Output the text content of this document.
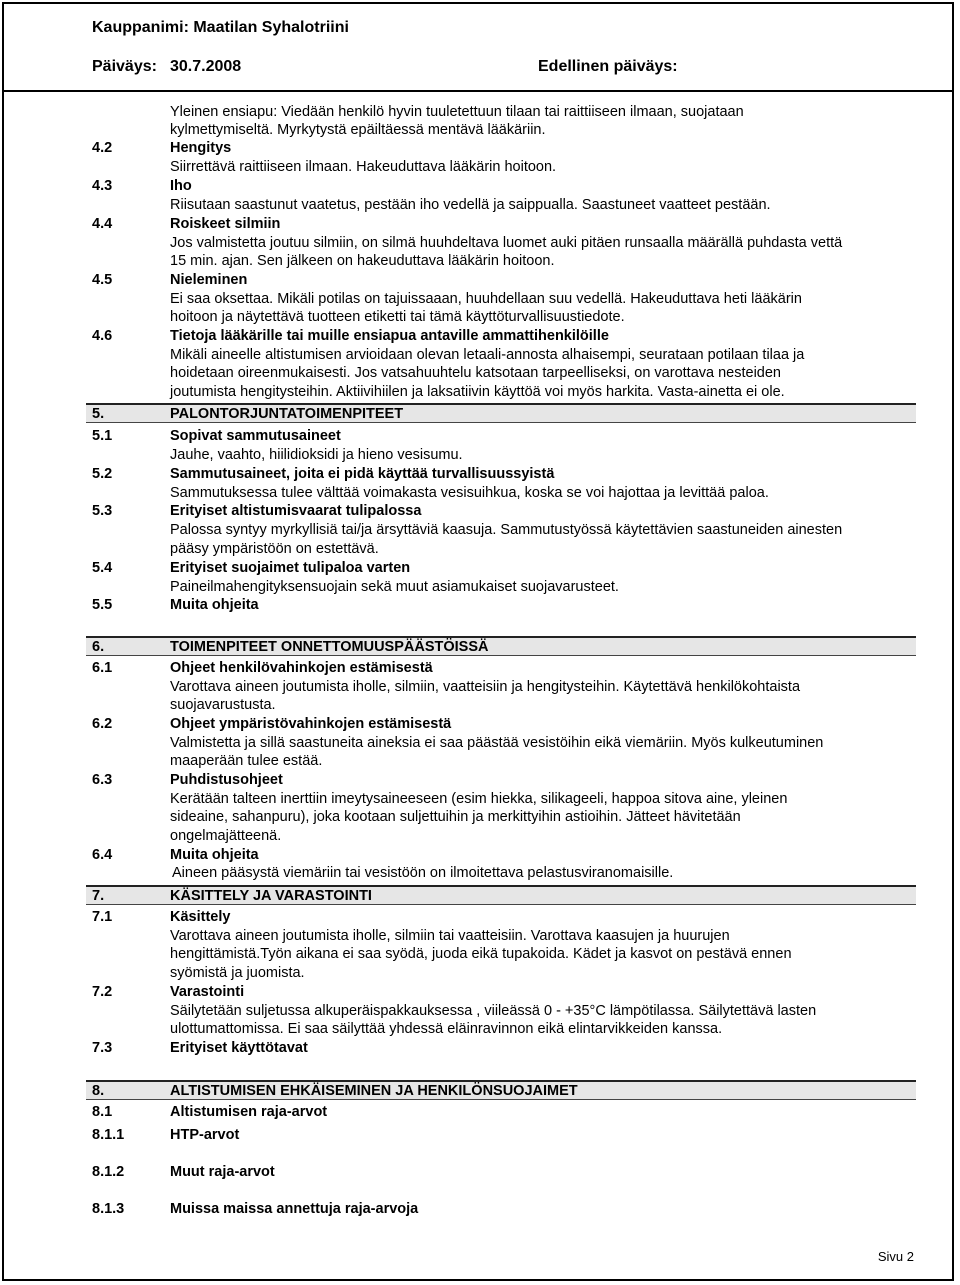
Kauppanimi: Maatilan Syhalotriini
Päiväys: 30.7.2008	Edellinen päiväys:
Yleinen ensiapu: Viedään henkilö hyvin tuuletettuun tilaan tai raittiiseen ilmaan, suojataan
kylmettymiseltä. Myrkytystä epäiltäessä mentävä lääkäriin.
4.2	Hengitys
Siirrettävä raittiiseen ilmaan. Hakeuduttava lääkärin hoitoon.
4.3	Iho
Riisutaan saastunut vaatetus, pestään iho vedellä ja saippualla. Saastuneet vaatteet pestään.
4.4	Roiskeet silmiin
Jos valmistetta joutuu silmiin, on silmä huuhdeltava luomet auki pitäen runsaalla määrällä puhdasta vettä
15 min. ajan. Sen jälkeen on hakeuduttava lääkärin hoitoon.
4.5	Nieleminen
Ei saa oksettaa. Mikäli potilas on tajuissaaan, huuhdellaan suu vedellä. Hakeuduttava heti lääkärin
hoitoon ja näytettävä tuotteen etiketti tai tämä käyttöturvallisuustiedote.
4.6	Tietoja lääkärille tai muille ensiapua antaville ammattihenkilöille
Mikäli aineelle altistumisen arvioidaan olevan letaali-annosta alhaisempi, seurataan potilaan tilaa ja
hoidetaan oireenmukaisesti. Jos vatsahuuhtelu katsotaan tarpeelliseksi, on varottava nesteiden
joutumista hengitysteihin. Aktiivihiilen ja laksatiivin käyttöä voi myös harkita. Vasta-ainetta ei ole.
5.	PALONTORJUNTATOIMENPITEET
5.1	Sopivat sammutusaineet
Jauhe, vaahto, hiilidioksidi ja hieno vesisumu.
5.2	Sammutusaineet, joita ei pidä käyttää turvallisuussyistä
Sammutuksessa tulee välttää voimakasta vesisuihkua, koska se voi hajottaa ja levittää paloa.
5.3	Erityiset altistumisvaarat tulipalossa
Palossa syntyy myrkyllisiä tai/ja ärsyttäviä kaasuja. Sammutustyössä käytettävien saastuneiden ainesten
pääsy ympäristöön on estettävä.
5.4	Erityiset suojaimet tulipaloa varten
Paineilmahengityksensuojain sekä muut asiamukaiset suojavarusteet.
5.5	Muita ohjeita
6.	TOIMENPITEET ONNETTOMUUSPÄÄSTÖISSÄ
6.1	Ohjeet henkilövahinkojen estämisestä
Varottava aineen joutumista iholle, silmiin, vaatteisiin ja hengitysteihin. Käytettävä henkilökohtaista
suojavarustusta.
6.2	Ohjeet ympäristövahinkojen estämisestä
Valmistetta ja sillä saastuneita aineksia ei saa päästää vesistöihin eikä viemäriin. Myös kulkeutuminen
maaperään tulee estää.
6.3	Puhdistusohjeet
Kerätään talteen inerttiin imeytysaineeseen (esim hiekka, silikageeli, happoa sitova aine, yleinen
sideaine, sahanpuru), joka kootaan suljettuihin ja merkittyihin astioihin. Jätteet hävitetään
ongelmajätteenä.
6.4	Muita ohjeita
Aineen pääsystä viemäriin tai vesistöön on ilmoitettava pelastusviranomaisille.
7.	KÄSITTELY JA VARASTOINTI
7.1	Käsittely
Varottava aineen joutumista iholle, silmiin tai vaatteisiin. Varottava kaasujen ja huurujen
hengittämistä.Työn aikana ei saa syödä, juoda eikä tupakoida. Kädet ja kasvot on pestävä ennen
syömistä ja juomista.
7.2	Varastointi
Säilytetään suljetussa alkuperäispakkauksessa , viileässä 0 - +35°C lämpötilassa. Säilytettävä lasten
ulottumattomissa. Ei saa säilyttää yhdessä eläinravinnon eikä elintarvikkeiden kanssa.
7.3	Erityiset käyttötavat
8.	ALTISTUMISEN EHKÄISEMINEN JA HENKILÖNSUOJAIMET
8.1	Altistumisen raja-arvot
8.1.1	HTP-arvot
8.1.2	Muut raja-arvot
8.1.3	Muissa maissa annettuja raja-arvoja
Sivu 2
